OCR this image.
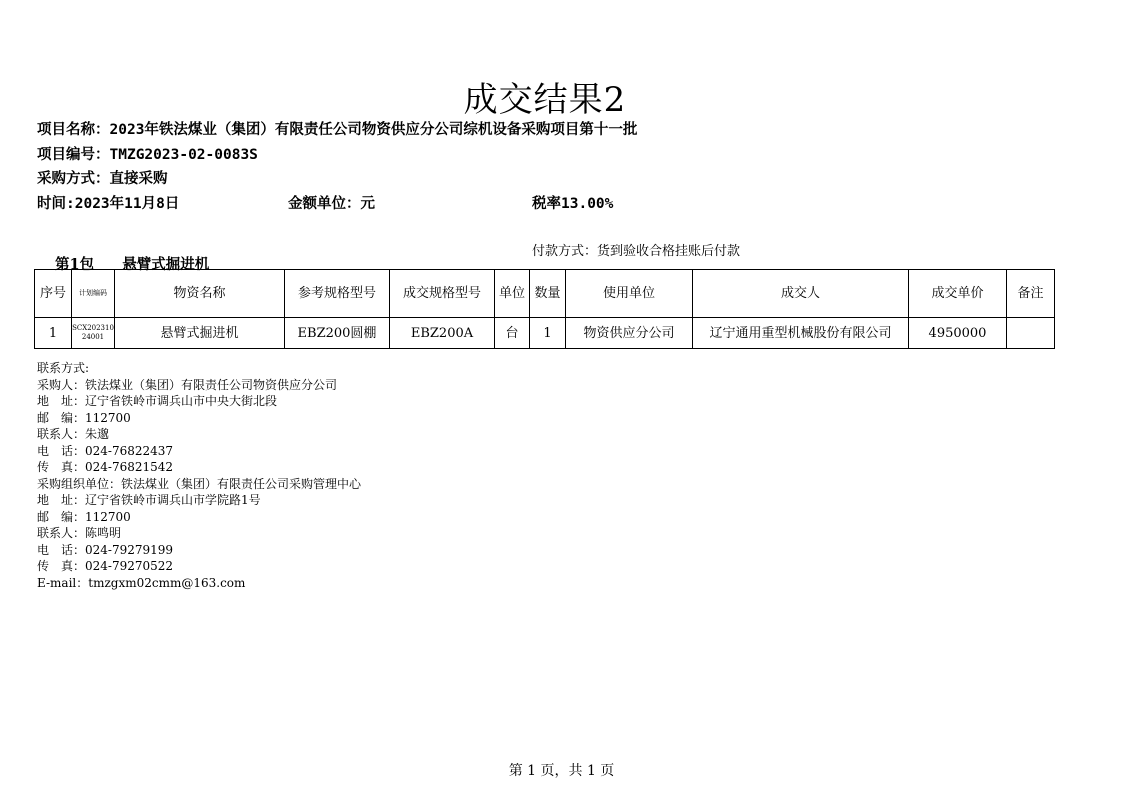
成交结果2
项目名称：2023年铁法煤业（集团）有限责任公司物资供应分公司综机设备采购项目第十一批
项目编号：TMZG2023-02-0083S
采购方式：直接采购
时间:2023年11月8日	金额单位：元	税率13.00%
付款方式：货到验收合格挂账后付款
第1包 悬臂式掘进机
序号	计划编码	物资名称	参考规格型号	成交规格型号	单位	数量	使用单位	成交人	成交单价	备注
1	SCX20231024001	悬臂式掘进机	EBZ200圆棚	EBZ200A	台	1	物资供应分公司	辽宁通用重型机械股份有限公司	4950000	
联系方式:
采购人：铁法煤业（集团）有限责任公司物资供应分公司
地　址：辽宁省铁岭市调兵山市中央大街北段
邮　编：112700
联系人：朱邈
电　话：024-76822437
传　真：024-76821542
采购组织单位：铁法煤业（集团）有限责任公司采购管理中心
地　址：辽宁省铁岭市调兵山市学院路1号
邮　编：112700
联系人：陈鸣明
电　话：024-79279199
传　真：024-79270522
E-mail：tmzgxm02cmm@163.com
第 1 页，共 1 页
